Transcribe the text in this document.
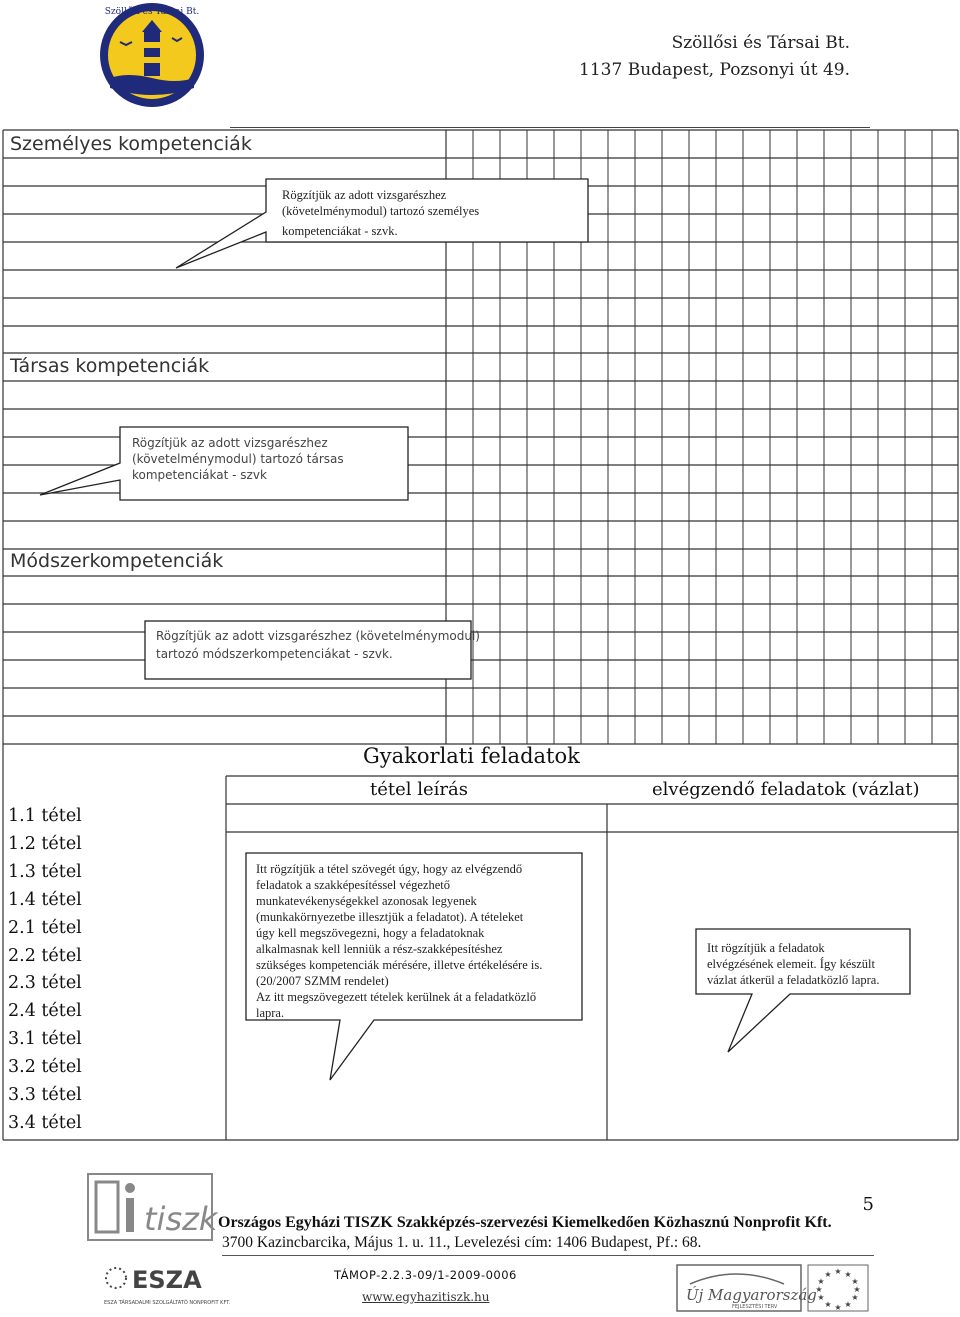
Szöllősi és Társai Bt.
Szöllősi és Társai Bt.
1137 Budapest, Pozsonyi út 49.
Személyes kompetenciák
Társas kompetenciák
Módszerkompetenciák
Rögzítjük az adott vizsgarészhez
(követelménymodul) tartozó személyes
kompetenciákat - szvk.
Rögzítjük az adott vizsgarészhez
(követelménymodul) tartozó társas
kompetenciákat - szvk
Rögzítjük az adott vizsgarészhez (követelménymodul)
tartozó módszerkompetenciákat - szvk.
Gyakorlati feladatok
tétel leírás	elvégzendő feladatok (vázlat)
1.1 tétel
1.2 tétel
1.3 tétel
1.4 tétel
2.1 tétel
2.2 tétel
2.3 tétel
2.4 tétel
3.1 tétel
3.2 tétel
3.3 tétel
3.4 tétel
Itt rögzítjük a tétel szövegét úgy, hogy az elvégzendő
feladatok a szakképesítéssel végezhető
munkatevékenységekkel azonosak legyenek
(munkakörnyezetbe illesztjük a feladatot). A tételeket
úgy kell megszövegezni, hogy a feladatoknak
alkalmasnak kell lenniük a rész-szakképesítéshez
szükséges kompetenciák mérésére, illetve értékelésére is.
(20/2007 SZMM rendelet)
Az itt megszövegezett tételek kerülnek át a feladatközlő
lapra.
Itt rögzítjük a feladatok
elvégzésének elemeit. Így készült
vázlat átkerül a feladatközlő lapra.
tiszk
ESZA
ESZA TÁRSADALMI SZOLGÁLTATÓ NONPROFIT KFT.	Új Magyarország
FEJLESZTÉSI TERV
★ ★
★
★
★
★
★
★
★
★
★
★
5
Országos Egyházi TISZK Szakképzés-szervezési Kiemelkedően Közhasznú Nonprofit Kft.
3700 Kazincbarcika, Május 1. u. 11., Levelezési cím: 1406 Budapest, Pf.: 68.
TÁMOP-2.2.3-09/1-2009-0006
www.egyhazitiszk.hu
